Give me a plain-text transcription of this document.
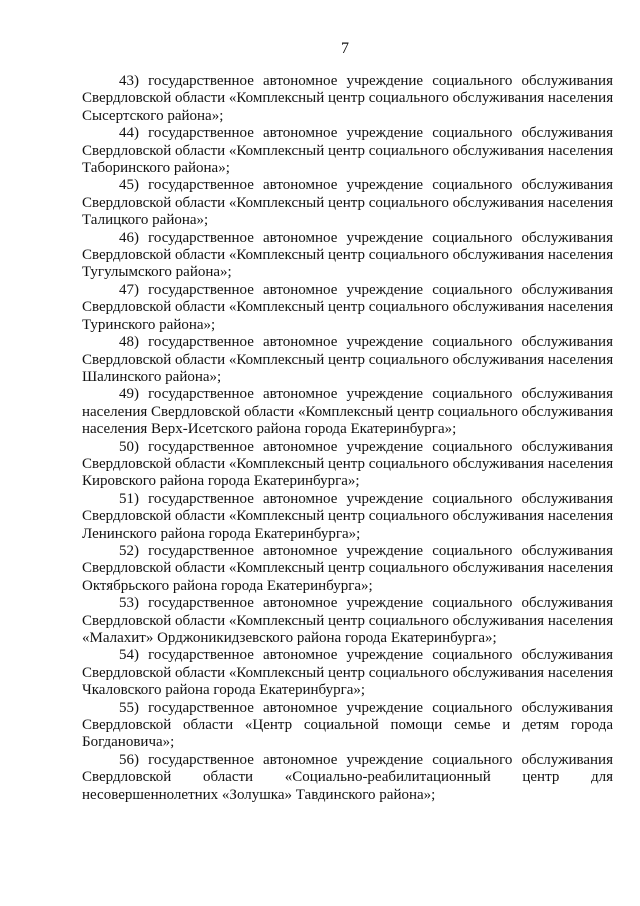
7
43) государственное автономное учреждение социального обслуживания
Свердловской области «Комплексный центр социального обслуживания населения
Сысертского района»;
44) государственное автономное учреждение социального обслуживания
Свердловской области «Комплексный центр социального обслуживания населения
Таборинского района»;
45) государственное автономное учреждение социального обслуживания
Свердловской области «Комплексный центр социального обслуживания населения
Талицкого района»;
46) государственное автономное учреждение социального обслуживания
Свердловской области «Комплексный центр социального обслуживания населения
Тугулымского района»;
47) государственное автономное учреждение социального обслуживания
Свердловской области «Комплексный центр социального обслуживания населения
Туринского района»;
48) государственное автономное учреждение социального обслуживания
Свердловской области «Комплексный центр социального обслуживания населения
Шалинского района»;
49) государственное автономное учреждение социального обслуживания
населения Свердловской области «Комплексный центр социального обслуживания
населения Верх-Исетского района города Екатеринбурга»;
50) государственное автономное учреждение социального обслуживания
Свердловской области «Комплексный центр социального обслуживания населения
Кировского района города Екатеринбурга»;
51) государственное автономное учреждение социального обслуживания
Свердловской области «Комплексный центр социального обслуживания населения
Ленинского района города Екатеринбурга»;
52) государственное автономное учреждение социального обслуживания
Свердловской области «Комплексный центр социального обслуживания населения
Октябрьского района города Екатеринбурга»;
53) государственное автономное учреждение социального обслуживания
Свердловской области «Комплексный центр социального обслуживания населения
«Малахит» Орджоникидзевского района города Екатеринбурга»;
54) государственное автономное учреждение социального обслуживания
Свердловской области «Комплексный центр социального обслуживания населения
Чкаловского района города Екатеринбурга»;
55) государственное автономное учреждение социального обслуживания
Свердловской области «Центр социальной помощи семье и детям города
Богдановича»;
56) государственное автономное учреждение социального обслуживания
Свердловской области «Социально-реабилитационный центр для
несовершеннолетних «Золушка» Тавдинского района»;
